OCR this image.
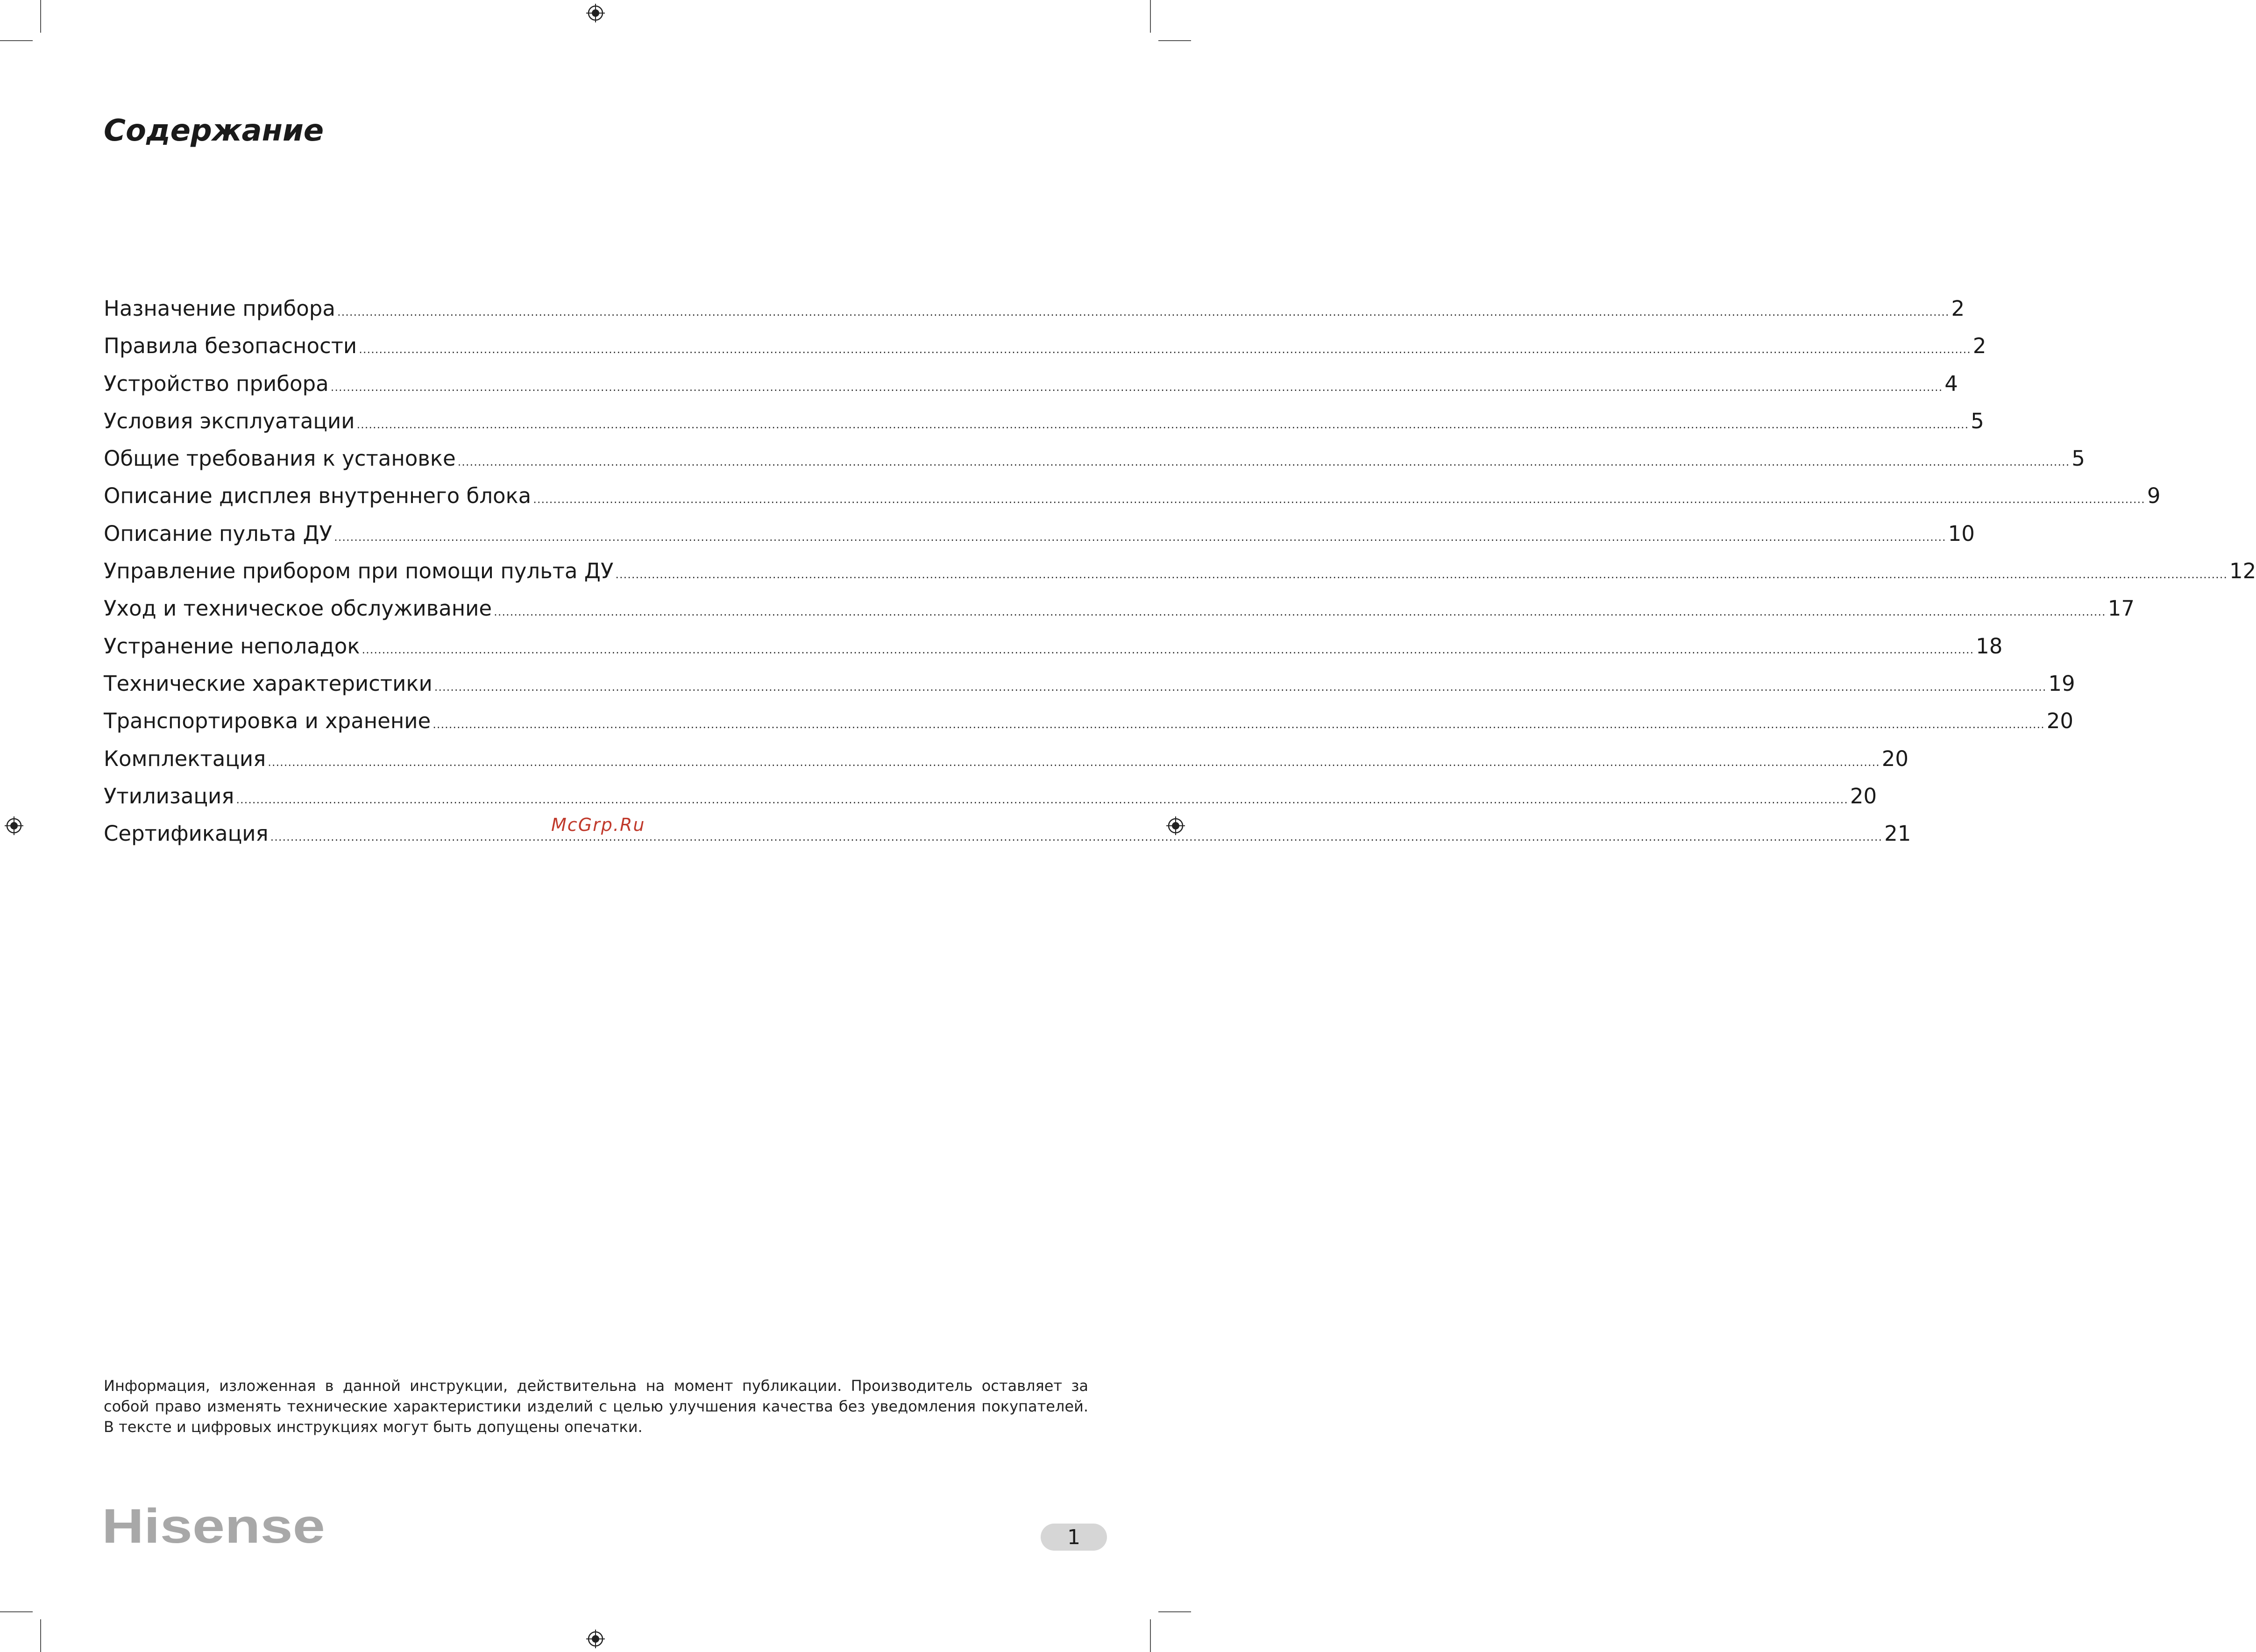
Содержание
Назначение прибора ................................................................................................................................................................................................................................................................................................................................................................................................................ 2
Правила безопасности ................................................................................................................................................................................................................................................................................................................................................................................................................ 2
Устройство прибора ................................................................................................................................................................................................................................................................................................................................................................................................................ 4
Условия эксплуатации ................................................................................................................................................................................................................................................................................................................................................................................................................ 5
Общие требования к установке ................................................................................................................................................................................................................................................................................................................................................................................................................ 5
Описание дисплея внутреннего блока ................................................................................................................................................................................................................................................................................................................................................................................................................ 9
Описание пульта ДУ ................................................................................................................................................................................................................................................................................................................................................................................................................ 10
Управление прибором при помощи пульта ДУ ................................................................................................................................................................................................................................................................................................................................................................................................................ 12
Уход и техническое обслуживание ................................................................................................................................................................................................................................................................................................................................................................................................................ 17
Устранение неполадок ................................................................................................................................................................................................................................................................................................................................................................................................................ 18
Технические характеристики ................................................................................................................................................................................................................................................................................................................................................................................................................ 19
Транспортировка и хранение ................................................................................................................................................................................................................................................................................................................................................................................................................ 20
Комплектация ................................................................................................................................................................................................................................................................................................................................................................................................................ 20
Утилизация ................................................................................................................................................................................................................................................................................................................................................................................................................ 20
Сертификация ................................................................................................................................................................................................................................................................................................................................................................................................................ 21
McGrp.Ru

Информация, изложенная в данной инструкции, действительна на момент публикации. Производитель оставляет за собой право изменять технические характеристики изделий с целью улучшения качества без уведомления покупателей. В тексте и цифровых инструкциях могут быть допущены опечатки.

Hisense	1
